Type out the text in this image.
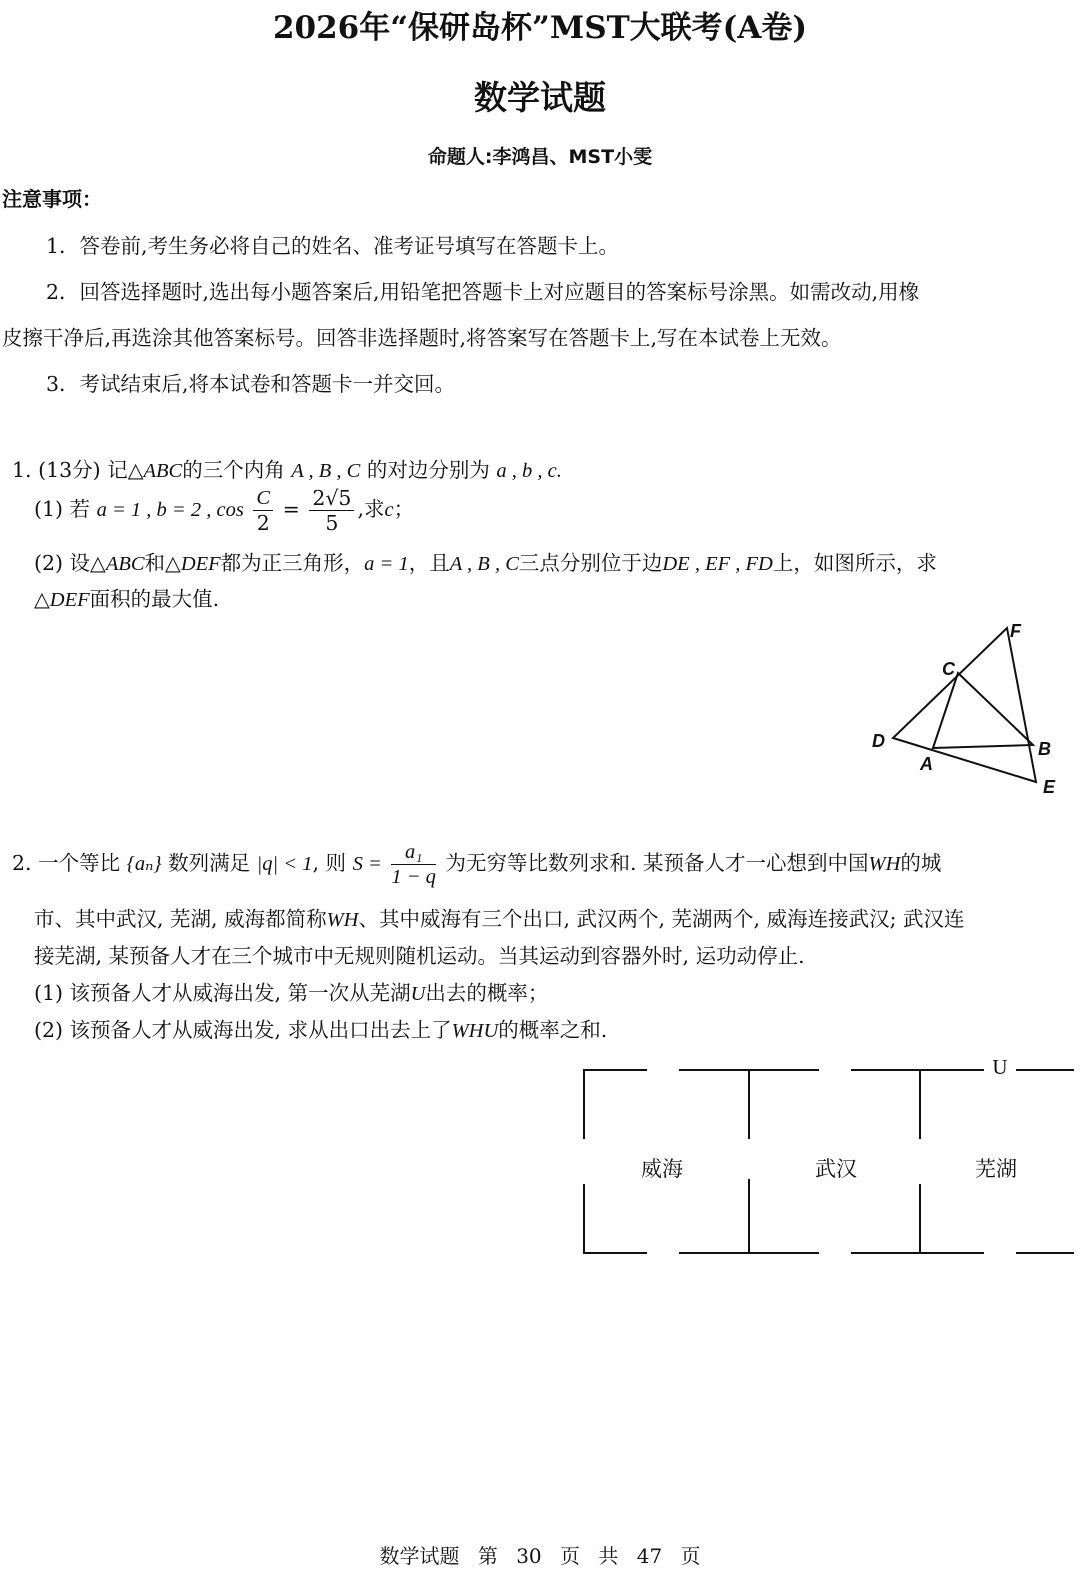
2026年“保研岛杯”MST大联考(A卷)
数学试题
命题人:李鸿昌、MST小雯
注意事项：
1．答卷前,考生务必将自己的姓名、准考证号填写在答题卡上。
2．回答选择题时,选出每小题答案后,用铅笔把答题卡上对应题目的答案标号涂黑。如需改动,用橡
皮擦干净后,再选涂其他答案标号。回答非选择题时,将答案写在答题卡上,写在本试卷上无效。
3．考试结束后,将本试卷和答题卡一并交回。
1. (13分) 记△ABC的三个内角 A , B , C 的对边分别为 a , b , c.
(1) 若 a = 1 , b = 2 , $\cos \frac{C}{2} = \frac{2√5}{5}$ ,求c；
(2) 设△ABC和△DEF都为正三角形，a = 1，且A , B , C三点分别位于边DE , EF , FD上，如图所示，求
△DEF面积的最大值.
F
C
D
A
B
E
2. 一个等比 {aₙ} 数列满足 |q| < 1, 则 $S = \frac{\text{a₁}}{1 - q}$ 为无穷等比数列求和. 某预备人才一心想到中国WH的城
市、其中武汉, 芜湖, 威海都简称WH、其中威海有三个出口, 武汉两个, 芜湖两个, 威海连接武汉; 武汉连
接芜湖, 某预备人才在三个城市中无规则随机运动。当其运动到容器外时, 运功动停止.
(1) 该预备人才从威海出发, 第一次从芜湖U出去的概率；
(2) 该预备人才从威海出发, 求从出口出去上了WHU的概率之和.
威海	武汉	芜湖
U
数学试题 第 30 页 共 47 页
